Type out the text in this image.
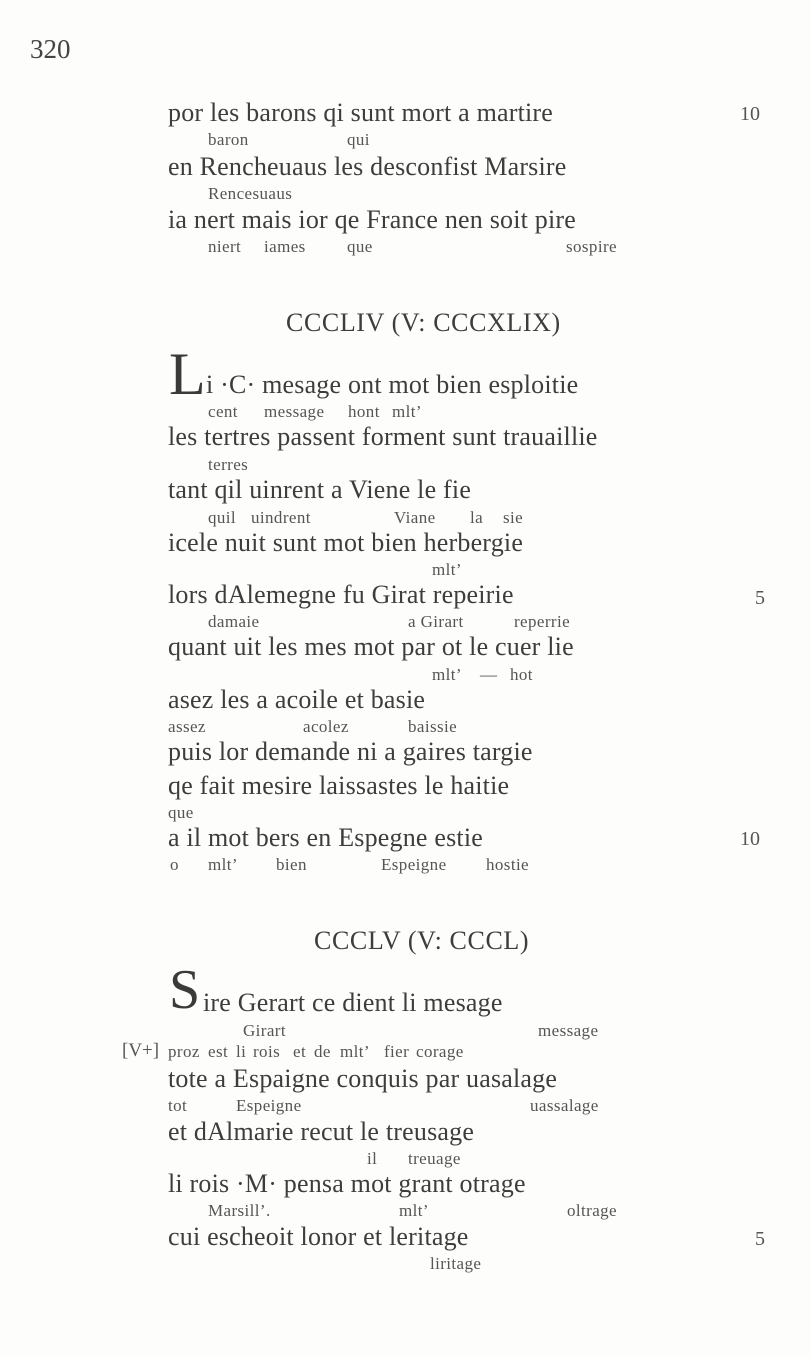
320
por les barons qi sunt mort a martire	10
baron	qui
en Rencheuaus les desconfist Marsire
Rencesuaus
ia nert mais ior qe France nen soit pire
niert iames que	sospire
CCCLIV (V: CCCXLIX)
L i ·C· mesage ont mot bien esploitie
cent message hont mlt’
les tertres passent forment sunt trauaillie
terres
tant qil uinrent a Viene le fie
quil uindrent	Viane la sie
icele nuit sunt mot bien herbergie
mlt’
lors dAlemegne fu Girat repeirie	5
damaie	a Girart	reperrie
quant uit les mes mot par ot le cuer lie
mlt’ — hot
asez les a acoile et basie
assez	acolez	baissie
puis lor demande ni a gaires targie
qe fait mesire laissastes le haitie
que
a il mot bers en Espegne estie	10
o mlt’ bien	Espeigne hostie
CCCLV (V: CCCL)
S ire Gerart ce dient li mesage
Girart	message
[V+] proz est li rois et de mlt’ fier corage
tote a Espaigne conquis par uasalage
tot	Espeigne	uassalage
et dAlmarie recut le treusage
il treuage
li rois ·M· pensa mot grant otrage
Marsill’.	mlt’	oltrage
cui escheoit lonor et leritage	5
liritage
